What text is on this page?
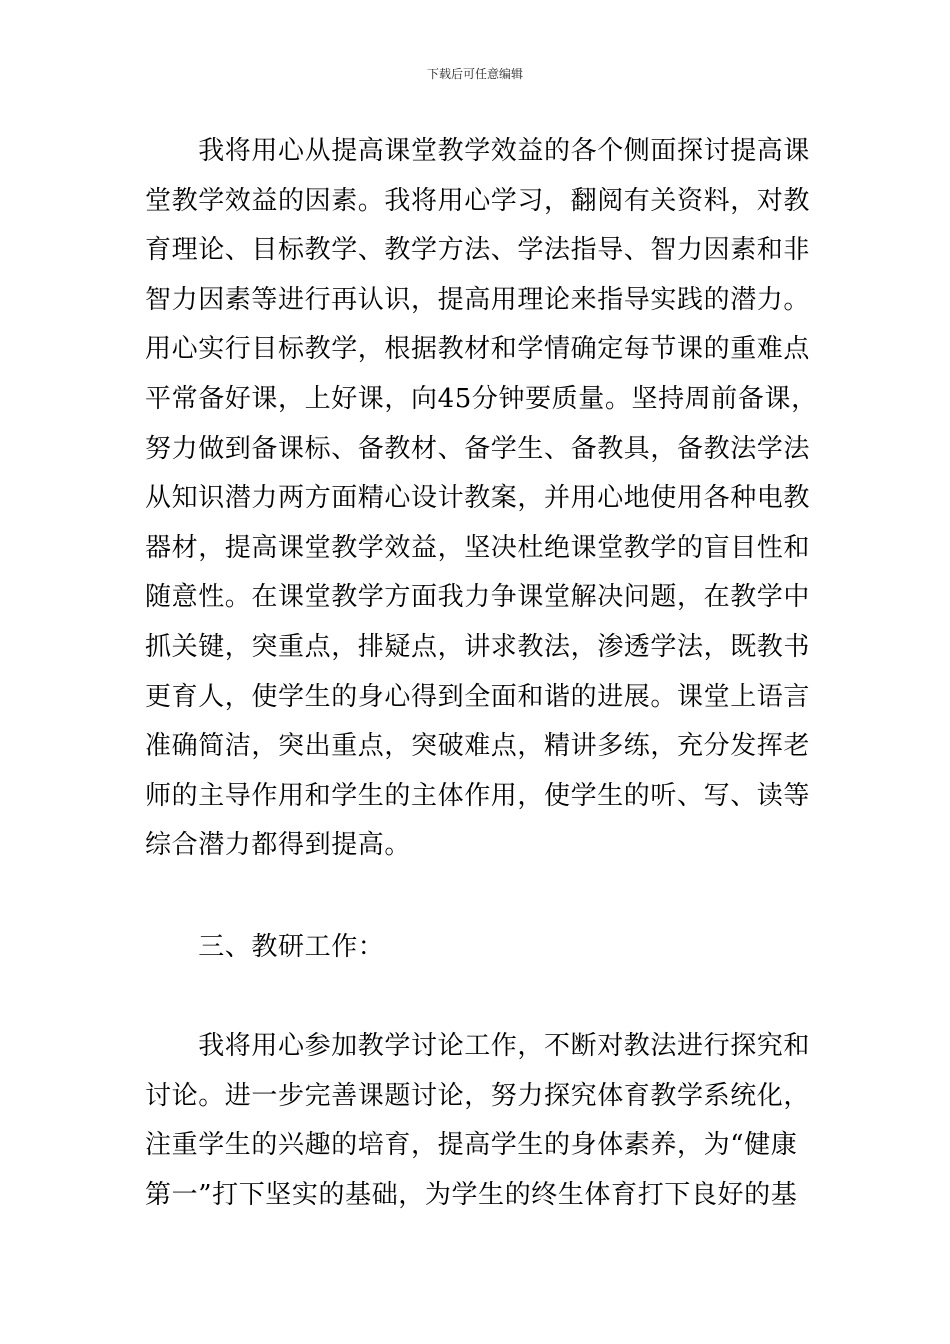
下载后可任意编辑
　　我将用心从提高课堂教学效益的各个侧面探讨提高课
堂教学效益的因素。我将用心学习，翻阅有关资料，对教
育理论、目标教学、教学方法、学法指导、智力因素和非
智力因素等进行再认识，提高用理论来指导实践的潜力。
用心实行目标教学，根据教材和学情确定每节课的重难点
平常备好课，上好课，向45分钟要质量。坚持周前备课，
努力做到备课标、备教材、备学生、备教具，备教法学法
从知识潜力两方面精心设计教案，并用心地使用各种电教
器材，提高课堂教学效益，坚决杜绝课堂教学的盲目性和
随意性。在课堂教学方面我力争课堂解决问题，在教学中
抓关键，突重点，排疑点，讲求教法，渗透学法，既教书
更育人，使学生的身心得到全面和谐的进展。课堂上语言
准确简洁，突出重点，突破难点，精讲多练，充分发挥老
师的主导作用和学生的主体作用，使学生的听、写、读等
综合潜力都得到提高。
　　三、教研工作：
　　我将用心参加教学讨论工作，不断对教法进行探究和
讨论。进一步完善课题讨论，努力探究体育教学系统化，
注重学生的兴趣的培育，提高学生的身体素养，为“健康
第一”打下坚实的基础，为学生的终生体育打下良好的基
